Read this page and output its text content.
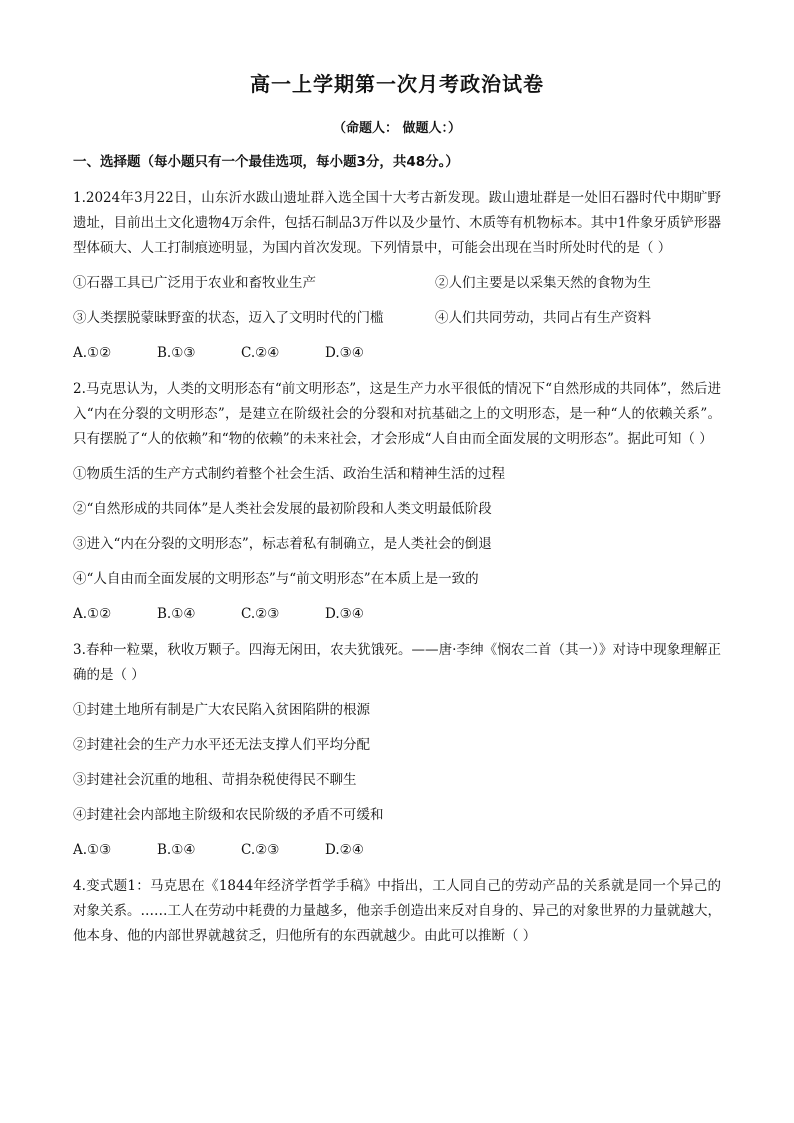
高一上学期第一次月考政治试卷
（命题人： 做题人：）
一、选择题（每小题只有一个最佳选项，每小题3分，共48分。）
1.2024年3月22日，山东沂水跋山遗址群入选全国十大考古新发现。跋山遗址群是一处旧石器时代中期旷野遗址，目前出土文化遗物4万余件，包括石制品3万件以及少量竹、木质等有机物标本。其中1件象牙质铲形器型体硕大、人工打制痕迹明显，为国内首次发现。下列情景中，可能会出现在当时所处时代的是（ ）
①石器工具已广泛用于农业和畜牧业生产	②人们主要是以采集天然的食物为生
③人类摆脱蒙昧野蛮的状态，迈入了文明时代的门槛	④人们共同劳动，共同占有生产资料
A.①②	B.①③	C.②④	D.③④
2.马克思认为，人类的文明形态有“前文明形态”，这是生产力水平很低的情况下“自然形成的共同体”，然后进入“内在分裂的文明形态”，是建立在阶级社会的分裂和对抗基础之上的文明形态，是一种“人的依赖关系”。只有摆脱了“人的依赖”和“物的依赖”的未来社会，才会形成“人自由而全面发展的文明形态”。据此可知（ ）
①物质生活的生产方式制约着整个社会生活、政治生活和精神生活的过程
②“自然形成的共同体”是人类社会发展的最初阶段和人类文明最低阶段
③进入“内在分裂的文明形态”，标志着私有制确立，是人类社会的倒退
④“人自由而全面发展的文明形态”与“前文明形态”在本质上是一致的
A.①②	B.①④	C.②③	D.③④
3.春种一粒粟，秋收万颗子。四海无闲田，农夫犹饿死。——唐·李绅《悯农二首（其一）》对诗中现象理解正确的是（ ）
①封建土地所有制是广大农民陷入贫困陷阱的根源
②封建社会的生产力水平还无法支撑人们平均分配
③封建社会沉重的地租、苛捐杂税使得民不聊生
④封建社会内部地主阶级和农民阶级的矛盾不可缓和
A.①③	B.①④	C.②③	D.②④
4.变式题1：马克思在《1844年经济学哲学手稿》中指出，工人同自己的劳动产品的关系就是同一个异己的对象关系。……工人在劳动中耗费的力量越多，他亲手创造出来反对自身的、异己的对象世界的力量就越大，他本身、他的内部世界就越贫乏，归他所有的东西就越少。由此可以推断（ ）
